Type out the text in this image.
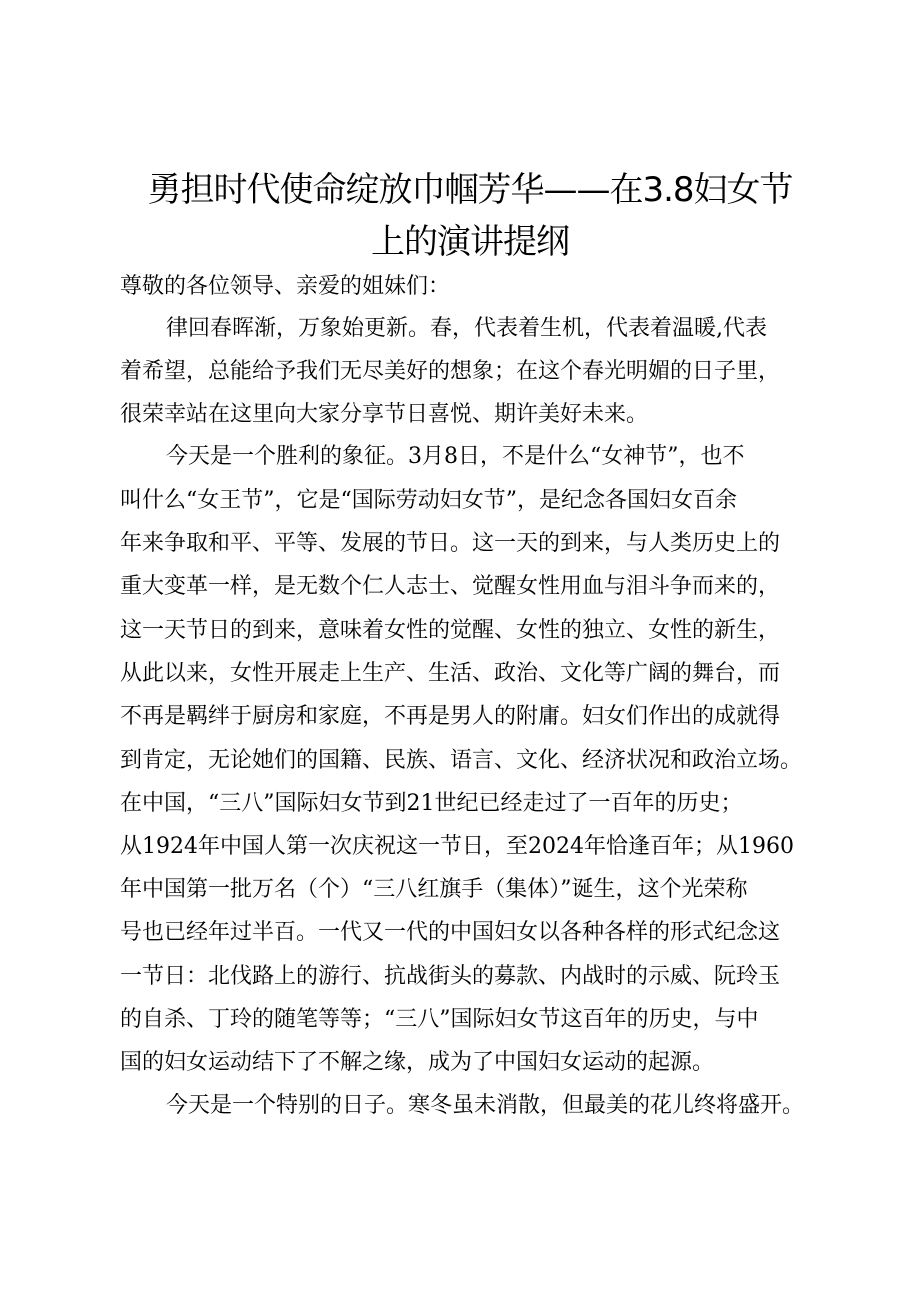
勇担时代使命绽放巾帼芳华——在3.8妇女节
上的演讲提纲

尊敬的各位领导、亲爱的姐妹们：

律回春晖渐，万象始更新。春，代表着生机，代表着温暖,代表

着希望，总能给予我们无尽美好的想象；在这个春光明媚的日子里，

很荣幸站在这里向大家分享节日喜悦、期许美好未来。

今天是一个胜利的象征。3月8日，不是什么“女神节”，也不

叫什么“女王节”，它是“国际劳动妇女节”，是纪念各国妇女百余

年来争取和平、平等、发展的节日。这一天的到来，与人类历史上的

重大变革一样，是无数个仁人志士、觉醒女性用血与泪斗争而来的，

这一天节日的到来，意味着女性的觉醒、女性的独立、女性的新生，

从此以来，女性开展走上生产、生活、政治、文化等广阔的舞台，而

不再是羁绊于厨房和家庭，不再是男人的附庸。妇女们作出的成就得

到肯定，无论她们的国籍、民族、语言、文化、经济状况和政治立场。

在中国，“三八”国际妇女节到21世纪已经走过了一百年的历史；

从1924年中国人第一次庆祝这一节日，至2024年恰逢百年；从1960

年中国第一批万名（个）“三八红旗手（集体）”诞生，这个光荣称

号也已经年过半百。一代又一代的中国妇女以各种各样的形式纪念这

一节日：北伐路上的游行、抗战街头的募款、内战时的示威、阮玲玉

的自杀、丁玲的随笔等等；“三八”国际妇女节这百年的历史，与中

国的妇女运动结下了不解之缘，成为了中国妇女运动的起源。

今天是一个特别的日子。寒冬虽未消散，但最美的花儿终将盛开。
